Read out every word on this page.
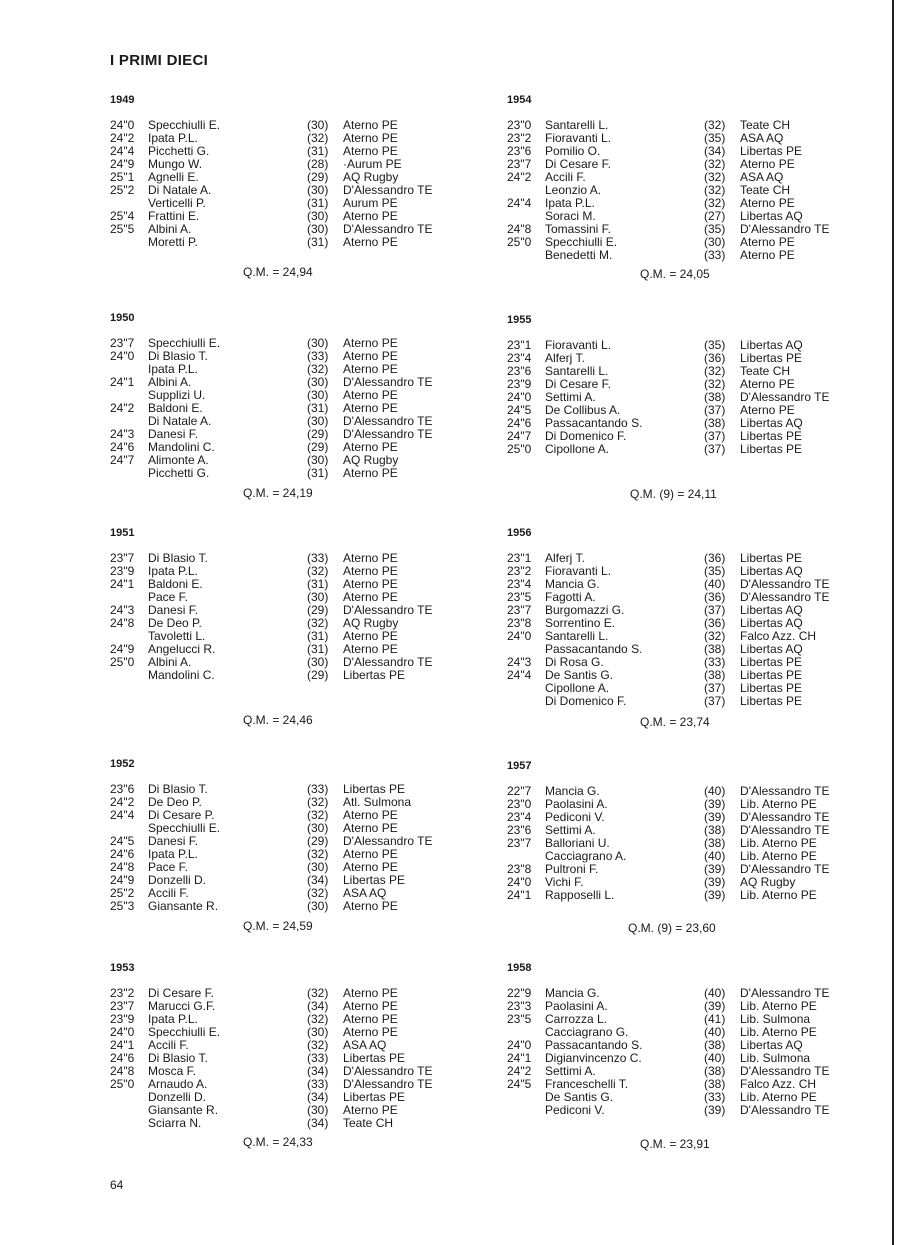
I PRIMI DIECI
1949
24"0 Specchiulli E.	(30) Aterno PE
24"2 Ipata P.L.	(32) Aterno PE
24"4 Picchetti G.	(31) Aterno PE
24"9 Mungo W.	(28) ·Aurum PE
25"1 Agnelli E.	(29) AQ Rugby
25"2 Di Natale A.	(30) D'Alessandro TE
Verticelli P.	(31) Aurum PE
25"4 Frattini E.	(30) Aterno PE
25"5 Albini A.	(30) D'Alessandro TE
Moretti P.	(31) Aterno PE
Q.M. = 24,94
1954
23"0 Santarelli L.	(32) Teate CH
23"2 Fioravanti L.	(35) ASA AQ
23"6 Pomilio O.	(34) Libertas PE
23"7 Di Cesare F.	(32) Aterno PE
24"2 Accili F.	(32) ASA AQ
Leonzio A.	(32) Teate CH
24"4 Ipata P.L.	(32) Aterno PE
Soraci M.	(27) Libertas AQ
24"8 Tomassini F.	(35) D'Alessandro TE
25"0 Specchiulli E.	(30) Aterno PE
Benedetti M.	(33) Aterno PE
Q.M. = 24,05
1950
23"7 Specchiulli E.	(30) Aterno PE
24"0 Di Blasio T.	(33) Aterno PE
Ipata P.L.	(32) Aterno PE
24"1 Albini A.	(30) D'Alessandro TE
Supplizi U.	(30) Aterno PE
24"2 Baldoni E.	(31) Aterno PE
Di Natale A.	(30) D'Alessandro TE
24"3 Danesi F.	(29) D'Alessandro TE
24"6 Mandolini C.	(29) Aterno PE
24"7 Alimonte A.	(30) AQ Rugby
Picchetti G.	(31) Aterno PE
Q.M. = 24,19
1955
23"1 Fioravanti L.	(35) Libertas AQ
23"4 Alferj T.	(36) Libertas PE
23"6 Santarelli L.	(32) Teate CH
23"9 Di Cesare F.	(32) Aterno PE
24"0 Settimi A.	(38) D'Alessandro TE
24"5 De Collibus A.	(37) Aterno PE
24"6 Passacantando S.	(38) Libertas AQ
24"7 Di Domenico F.	(37) Libertas PE
25"0 Cipollone A.	(37) Libertas PE
Q.M. (9) = 24,11
1951
23"7 Di Blasio T.	(33) Aterno PE
23"9 Ipata P.L.	(32) Aterno PE
24"1 Baldoni E.	(31) Aterno PE
Pace F.	(30) Aterno PE
24"3 Danesi F.	(29) D'Alessandro TE
24"8 De Deo P.	(32) AQ Rugby
Tavoletti L.	(31) Aterno PE
24"9 Angelucci R.	(31) Aterno PE
25"0 Albini A.	(30) D'Alessandro TE
Mandolini C.	(29) Libertas PE
Q.M. = 24,46
1956
23"1 Alferj T.	(36) Libertas PE
23"2 Fioravanti L.	(35) Libertas AQ
23"4 Mancia G.	(40) D'Alessandro TE
23"5 Fagotti A.	(36) D'Alessandro TE
23"7 Burgomazzi G.	(37) Libertas AQ
23"8 Sorrentino E.	(36) Libertas AQ
24"0 Santarelli L.	(32) Falco Azz. CH
Passacantando S.	(38) Libertas AQ
24"3 Di Rosa G.	(33) Libertas PE
24"4 De Santis G.	(38) Libertas PE
Cipollone A.	(37) Libertas PE
Di Domenico F.	(37) Libertas PE
Q.M. = 23,74
1952
23"6 Di Blasio T.	(33) Libertas PE
24"2 De Deo P.	(32) Atl. Sulmona
24"4 Di Cesare P.	(32) Aterno PE
Specchiulli E.	(30) Aterno PE
24"5 Danesi F.	(29) D'Alessandro TE
24"6 Ipata P.L.	(32) Aterno PE
24"8 Pace F.	(30) Aterno PE
24"9 Donzelli D.	(34) Libertas PE
25"2 Accili F.	(32) ASA AQ
25"3 Giansante R.	(30) Aterno PE
Q.M. = 24,59
1957
22"7 Mancia G.	(40) D'Alessandro TE
23"0 Paolasini A.	(39) Lib. Aterno PE
23"4 Pediconi V.	(39) D'Alessandro TE
23"6 Settimi A.	(38) D'Alessandro TE
23"7 Balloriani U.	(38) Lib. Aterno PE
Cacciagrano A.	(40) Lib. Aterno PE
23"8 Pultroni F.	(39) D'Alessandro TE
24"0 Vichi F.	(39) AQ Rugby
24"1 Rapposelli L.	(39) Lib. Aterno PE
Q.M. (9) = 23,60
1953
23"2 Di Cesare F.	(32) Aterno PE
23"7 Marucci G.F.	(34) Aterno PE
23"9 Ipata P.L.	(32) Aterno PE
24"0 Specchiulli E.	(30) Aterno PE
24"1 Accili F.	(32) ASA AQ
24"6 Di Blasio T.	(33) Libertas PE
24"8 Mosca F.	(34) D'Alessandro TE
25"0 Arnaudo A.	(33) D'Alessandro TE
Donzelli D.	(34) Libertas PE
Giansante R.	(30) Aterno PE
Sciarra N.	(34) Teate CH
Q.M. = 24,33
1958
22"9 Mancia G.	(40) D'Alessandro TE
23"3 Paolasini A.	(39) Lib. Aterno PE
23"5 Carrozza L.	(41) Lib. Sulmona
Cacciagrano G.	(40) Lib. Aterno PE
24"0 Passacantando S.	(38) Libertas AQ
24"1 Digianvincenzo C.	(40) Lib. Sulmona
24"2 Settimi A.	(38) D'Alessandro TE
24"5 Franceschelli T.	(38) Falco Azz. CH
De Santis G.	(33) Lib. Aterno PE
Pediconi V.	(39) D'Alessandro TE
Q.M. = 23,91
64
